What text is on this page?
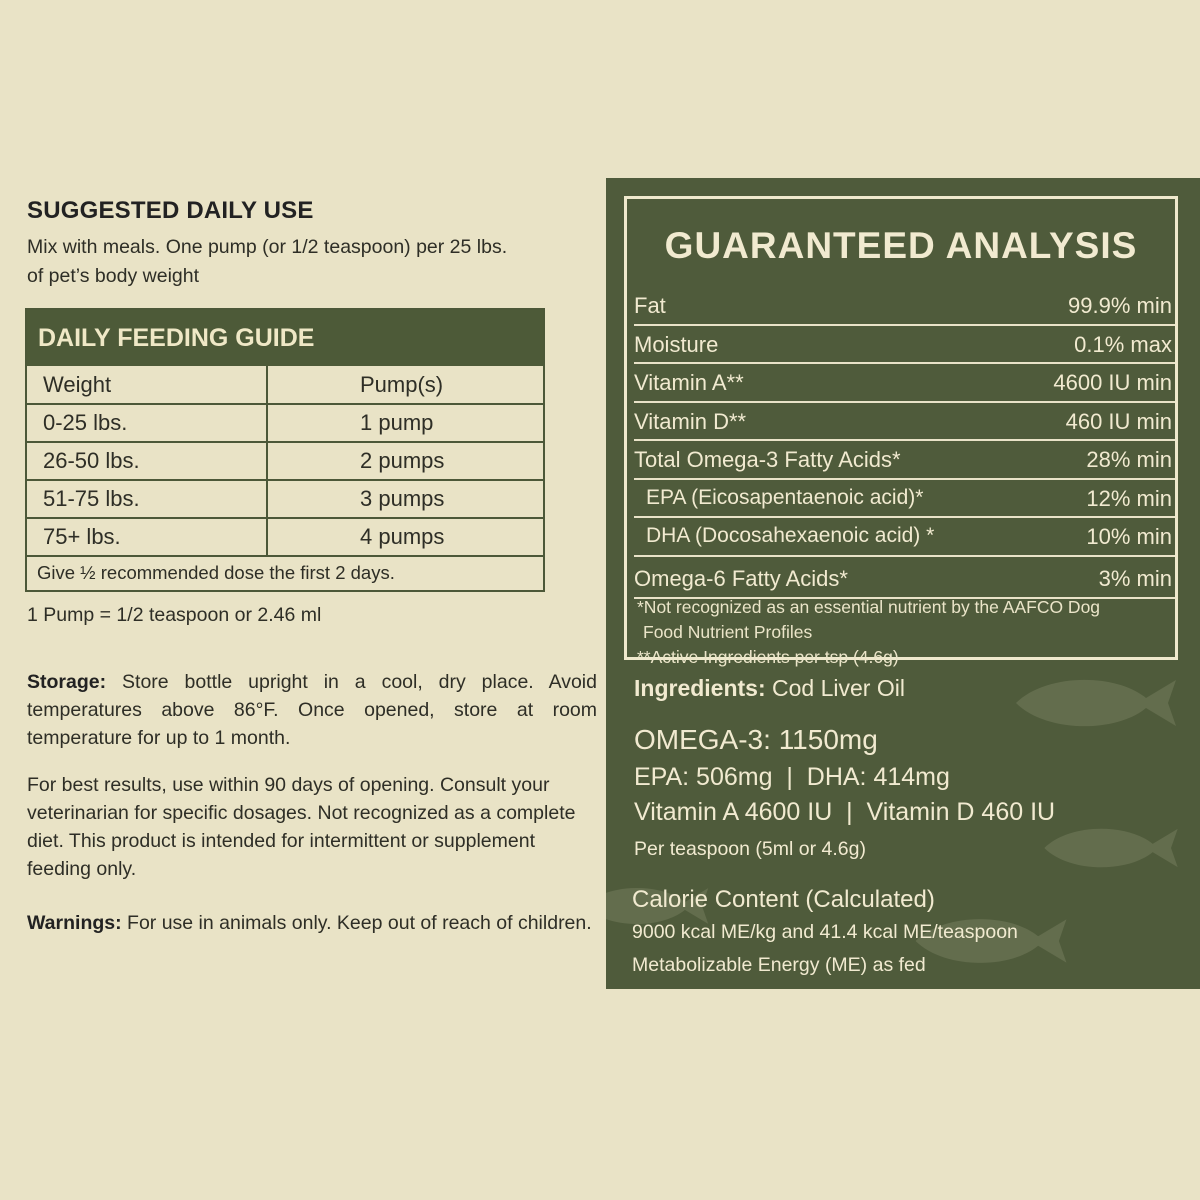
SUGGESTED DAILY USE
Mix with meals. One pump (or 1/2 teaspoon) per 25 lbs.
of pet’s body weight
DAILY FEEDING GUIDE
Weight	Pump(s)
0-25 lbs.	1 pump
26-50 lbs.	2 pumps
51-75 lbs.	3 pumps
75+ lbs.	4 pumps
Give ½ recommended dose the first 2 days.
1 Pump = 1/2 teaspoon or 2.46 ml
Storage: Store bottle upright in a cool, dry place. Avoid temperatures above 86°F. Once opened, store at room temperature for up to 1 month.
For best results, use within 90 days of opening. Consult your veterinarian for specific dosages. Not recognized as a complete diet. This product is intended for intermittent or supplement feeding only.
Warnings: For use in animals only. Keep out of reach of children.
GUARANTEED ANALYSIS
Fat	99.9% min
Moisture	0.1% max
Vitamin A**	4600 IU min
Vitamin D**	460 IU min
Total Omega-3 Fatty Acids*	28% min
EPA (Eicosapentaenoic acid)*	12% min
DHA (Docosahexaenoic acid) *	10% min
Omega-6 Fatty Acids*	3% min
*Not recognized as an essential nutrient by the AAFCO Dog
Food Nutrient Profiles
**Active Ingredients per tsp (4.6g)
Ingredients: Cod Liver Oil
OMEGA-3: 1150mg
EPA: 506mg  |  DHA: 414mg
Vitamin A 4600 IU  |  Vitamin D 460 IU
Per teaspoon (5ml or 4.6g)
Calorie Content (Calculated)
9000 kcal ME/kg and 41.4 kcal ME/teaspoon
Metabolizable Energy (ME) as fed
